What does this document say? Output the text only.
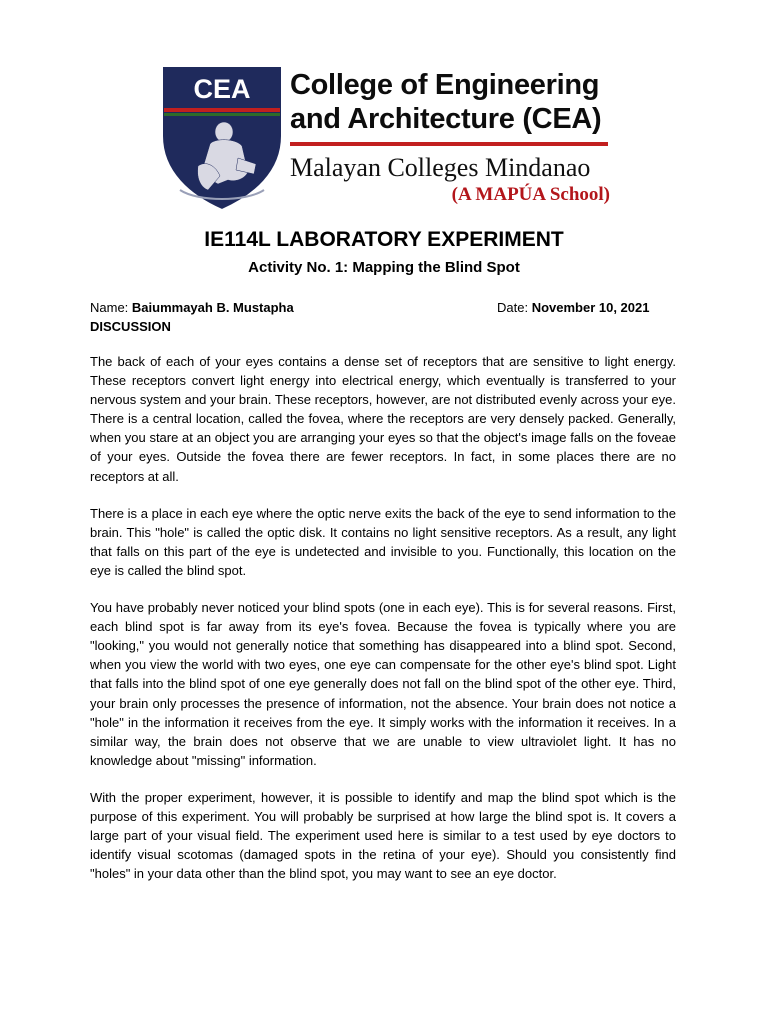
CEA College of Engineering
and Architecture (CEA)
Malayan Colleges Mindanao
(A MAPÚA School)
IE114L LABORATORY EXPERIMENT
Activity No. 1: Mapping the Blind Spot
Name: Baiummayah B. Mustapha	Date: November 10, 2021
DISCUSSION

The back of each of your eyes contains a dense set of receptors that are sensitive to light energy. These receptors convert light energy into electrical energy, which eventually is transferred to your nervous system and your brain. These receptors, however, are not distributed evenly across your eye. There is a central location, called the fovea, where the receptors are very densely packed. Generally, when you stare at an object you are arranging your eyes so that the object's image falls on the foveae of your eyes. Outside the fovea there are fewer receptors. In fact, in some places there are no receptors at all.

There is a place in each eye where the optic nerve exits the back of the eye to send information to the brain. This "hole" is called the optic disk. It contains no light sensitive receptors. As a result, any light that falls on this part of the eye is undetected and invisible to you. Functionally, this location on the eye is called the blind spot.

You have probably never noticed your blind spots (one in each eye). This is for several reasons. First, each blind spot is far away from its eye's fovea. Because the fovea is typically where you are "looking," you would not generally notice that something has disappeared into a blind spot. Second, when you view the world with two eyes, one eye can compensate for the other eye's blind spot. Light that falls into the blind spot of one eye generally does not fall on the blind spot of the other eye. Third, your brain only processes the presence of information, not the absence. Your brain does not notice a "hole" in the information it receives from the eye. It simply works with the information it receives. In a similar way, the brain does not observe that we are unable to view ultraviolet light. It has no knowledge about "missing" information.

With the proper experiment, however, it is possible to identify and map the blind spot which is the purpose of this experiment. You will probably be surprised at how large the blind spot is. It covers a large part of your visual field. The experiment used here is similar to a test used by eye doctors to identify visual scotomas (damaged spots in the retina of your eye). Should you consistently find "holes" in your data other than the blind spot, you may want to see an eye doctor.
